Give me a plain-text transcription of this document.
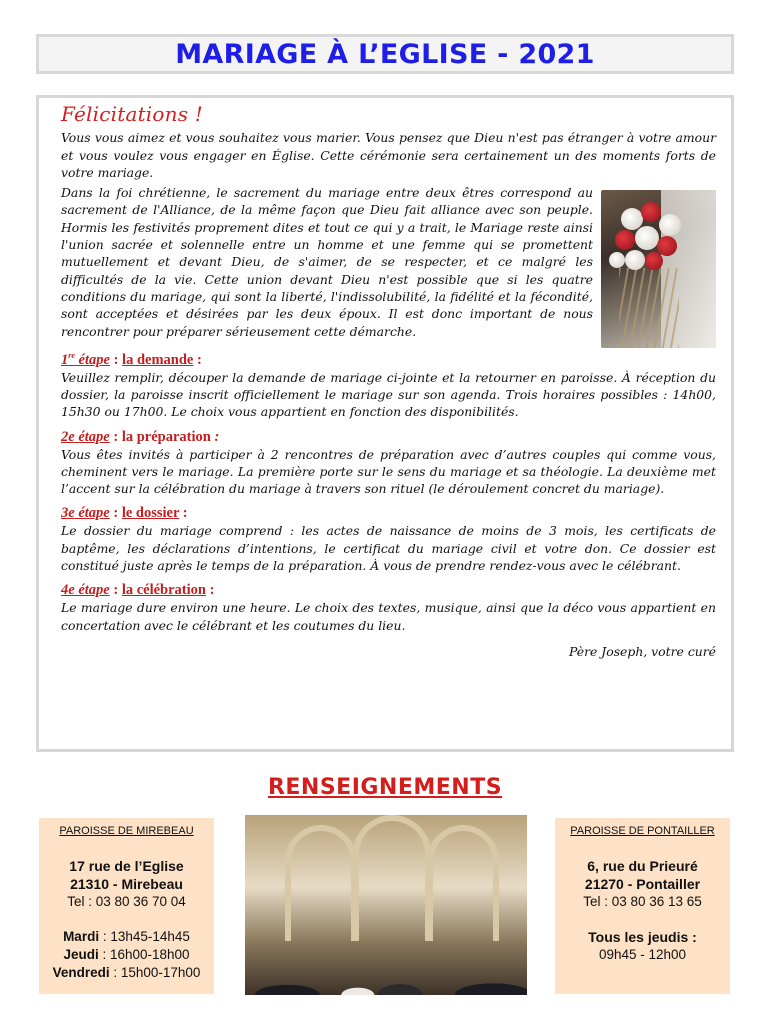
MARIAGE À L’EGLISE - 2021
Félicitations !

Vous vous aimez et vous souhaitez vous marier. Vous pensez que Dieu n'est pas étranger à votre amour et vous voulez vous engager en Église. Cette cérémonie sera certainement un des moments forts de votre mariage.

Dans la foi chrétienne, le sacrement du mariage entre deux êtres correspond au sacrement de l'Alliance, de la même façon que Dieu fait alliance avec son peuple. Hormis les festivités proprement dites et tout ce qui y a trait, le Mariage reste ainsi l'union sacrée et solennelle entre un homme et une femme qui se promettent mutuellement et devant Dieu, de s'aimer, de se respecter, et ce malgré les difficultés de la vie. Cette union devant Dieu n'est possible que si les quatre conditions du mariage, qui sont la liberté, l'indissolubilité, la fidélité et la fécondité, sont acceptées et désirées par les deux époux. Il est donc important de nous rencontrer pour préparer sérieusement cette démarche.

1re étape : la demande :

Veuillez remplir, découper la demande de mariage ci-jointe et la retourner en paroisse. À réception du dossier, la paroisse inscrit officiellement le mariage sur son agenda. Trois horaires possibles : 14h00, 15h30 ou 17h00. Le choix vous appartient en fonction des disponibilités.

2e étape : la préparation :

Vous êtes invités à participer à 2 rencontres de préparation avec d’autres couples qui comme vous, cheminent vers le mariage. La première porte sur le sens du mariage et sa théologie. La deuxième met l’accent sur la célébration du mariage à travers son rituel (le déroulement concret du mariage).

3e étape : le dossier :

Le dossier du mariage comprend : les actes de naissance de moins de 3 mois, les certificats de baptême, les déclarations d’intentions, le certificat du mariage civil et votre don. Ce dossier est constitué juste après le temps de la préparation. À vous de prendre rendez-vous avec le célébrant.

4e étape : la célébration :

Le mariage dure environ une heure. Le choix des textes, musique, ainsi que la déco vous appartient en concertation avec le célébrant et les coutumes du lieu.

Père Joseph, votre curé
RENSEIGNEMENTS
PAROISSE DE MIREBEAU
17 rue de l’Eglise
21310 - Mirebeau
Tel : 03 80 36 70 04
Mardi : 13h45-14h45
Jeudi : 16h00-18h00
Vendredi : 15h00-17h00
PAROISSE DE PONTAILLER
6, rue du Prieuré
21270 - Pontailler
Tel : 03 80 36 13 65
Tous les jeudis :
09h45 - 12h00
